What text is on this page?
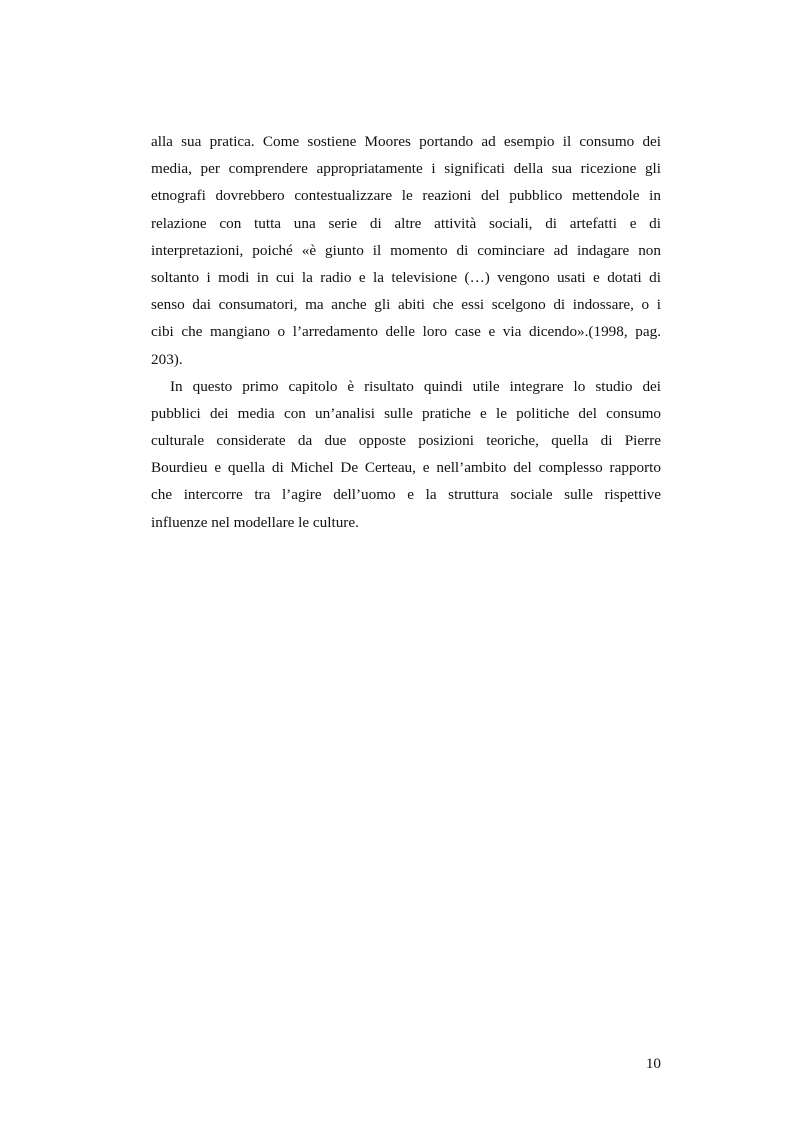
alla sua pratica. Come sostiene Moores portando ad esempio il consumo dei
media, per comprendere appropriatamente i significati della sua ricezione gli
etnografi dovrebbero contestualizzare le reazioni del pubblico mettendole in
relazione con tutta una serie di altre attività sociali, di artefatti e di
interpretazioni, poiché «è giunto il momento di cominciare ad indagare non
soltanto i modi in cui la radio e la televisione (…) vengono usati e dotati di
senso dai consumatori, ma anche gli abiti che essi scelgono di indossare, o i
cibi che mangiano o l’arredamento delle loro case e via dicendo».(1998, pag.
203).
In questo primo capitolo è risultato quindi utile integrare lo studio dei
pubblici dei media con un’analisi sulle pratiche e le politiche del consumo
culturale considerate da due opposte posizioni teoriche, quella di Pierre
Bourdieu e quella di Michel De Certeau, e nell’ambito del complesso rapporto
che intercorre tra l’agire dell’uomo e la struttura sociale sulle rispettive
influenze nel modellare le culture.
10
